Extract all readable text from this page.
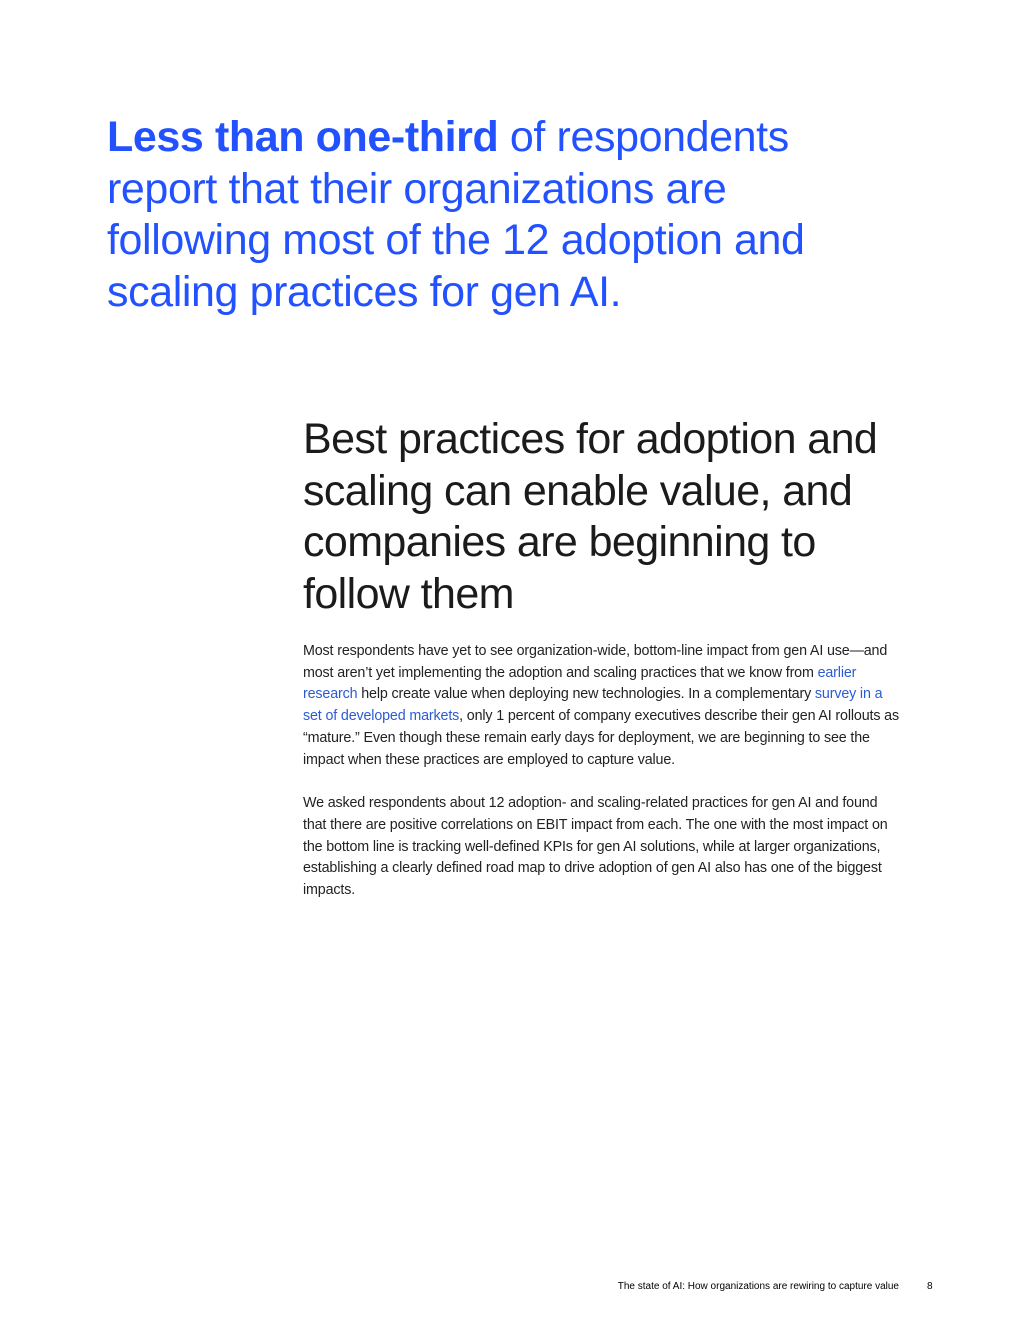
Less than one-third of respondents report that their organizations are following most of the 12 adoption and scaling practices for gen AI.
Best practices for adoption and scaling can enable value, and companies are beginning to follow them

Most respondents have yet to see organization-wide, bottom-line impact from gen AI use—and most aren’t yet implementing the adoption and scaling practices that we know from earlier research help create value when deploying new technologies. In a complementary survey in a set of developed markets, only 1 percent of company executives describe their gen AI rollouts as “mature.” Even though these remain early days for deployment, we are beginning to see the impact when these practices are employed to capture value.

We asked respondents about 12 adoption- and scaling-related practices for gen AI and found that there are positive correlations on EBIT impact from each. The one with the most impact on the bottom line is tracking well-defined KPIs for gen AI solutions, while at larger organizations, establishing a clearly defined road map to drive adoption of gen AI also has one of the biggest impacts.

The state of AI: How organizations are rewiring to capture value	8
